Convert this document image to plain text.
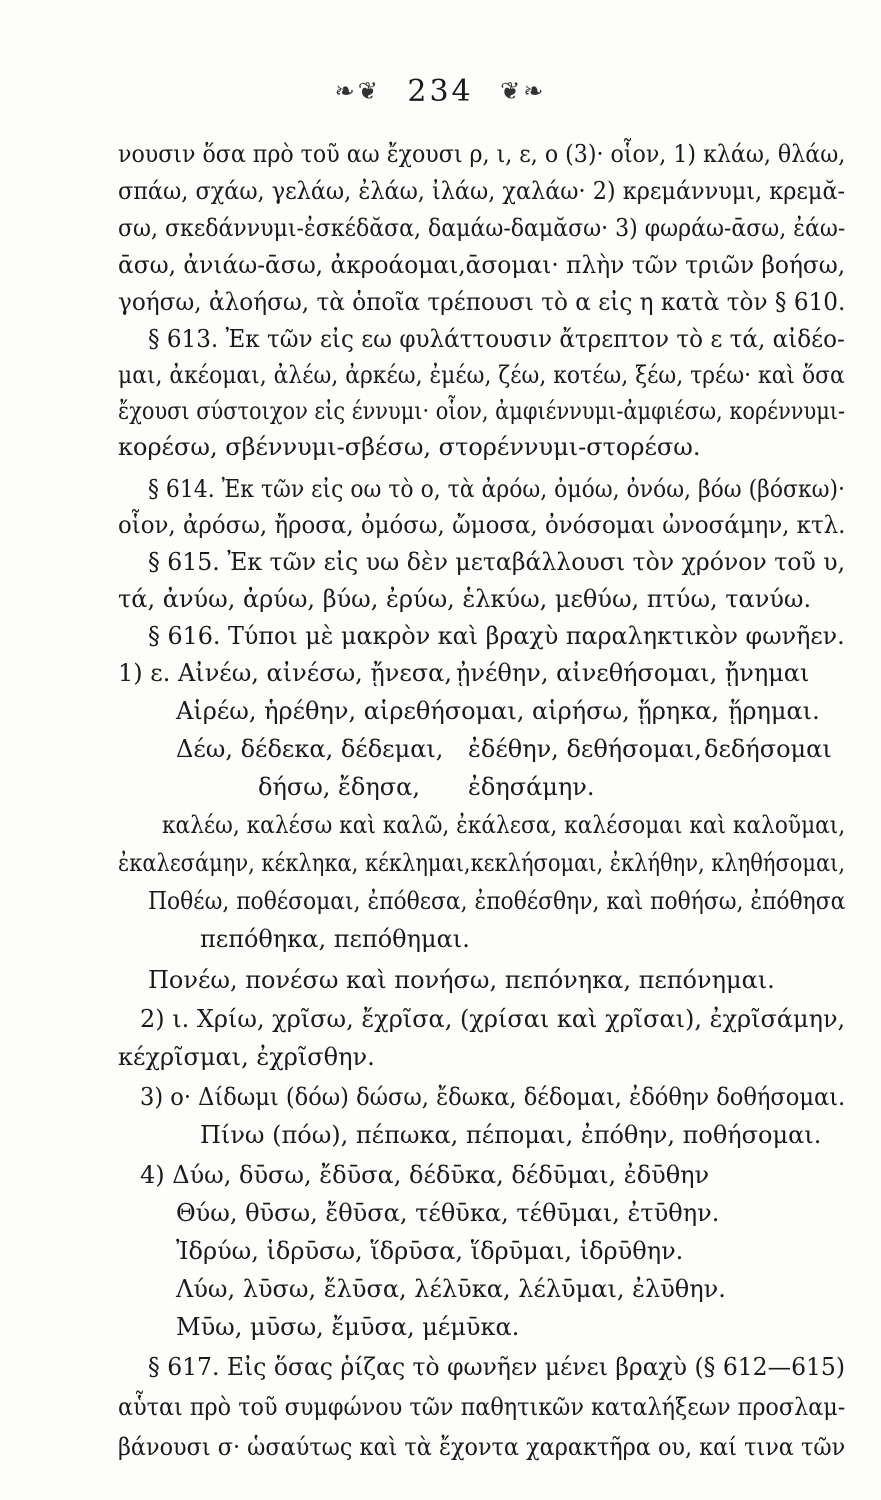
❧❦ 234 ❦❧
νουσιν ὅσα πρὸ τοῦ αω ἔχουσι ρ, ι, ε, ο (3)· οἷον, 1) κλάω, θλάω,
σπάω, σχάω, γελάω, ἐλάω, ἰλάω, χαλάω· 2) κρεμάννυμι, κρεμᾰ-
σω, σκεδάννυμι-ἐσκέδᾰσα, δαμάω-δαμᾰσω· 3) φωράω-ᾱσω, ἐάω-
ᾱσω, ἀνιάω-ᾱσω, ἀκροάομαι,ᾱσομαι· πλὴν τῶν τριῶν βοήσω,
γοήσω, ἀλοήσω, τὰ ὁποῖα τρέπουσι τὸ α εἰς η κατὰ τὸν § 610.
§ 613. Ἐκ τῶν εἰς εω φυλάττουσιν ἄτρεπτον τὸ ε τά, αἰδέο-
μαι, ἀκέομαι, ἀλέω, ἀρκέω, ἐμέω, ζέω, κοτέω, ξέω, τρέω· καὶ ὅσα
ἔχουσι σύστοιχον εἰς έννυμι· οἷον, ἀμφιέννυμι-ἀμφιέσω, κορέννυμι-
κορέσω, σβέννυμι-σβέσω, στορέννυμι-στορέσω.
§ 614. Ἐκ τῶν εἰς οω τὸ ο, τὰ ἀρόω, ὀμόω, ὀνόω, βόω (βόσκω)·
οἷον, ἀρόσω, ἤροσα, ὀμόσω, ὤμοσα, ὀνόσομαι ὠνοσάμην, κτλ.
§ 615. Ἐκ τῶν εἰς υω δὲν μεταβάλλουσι τὸν χρόνον τοῦ υ,
τά, ἀνύω, ἀρύω, βύω, ἐρύω, ἑλκύω, μεθύω, πτύω, τανύω.
§ 616. Τύποι μὲ μακρὸν καὶ βραχὺ παραληκτικὸν φωνῆεν.
1) ε. Αἰνέω, αἰνέσω, ᾔνεσα, ᾐνέθην, αἰνεθήσομαι, ᾔνημαι
Αἱρέω, ἡρέθην, αἱρεθήσομαι, αἱρήσω, ᾕρηκα, ᾕρημαι.
Δέω, δέδεκα, δέδεμαι, ἐδέθην, δεθήσομαι, δεδήσομαι
δήσω, ἔδησα, ἐδησάμην.
καλέω, καλέσω καὶ καλῶ, ἐκάλεσα, καλέσομαι καὶ καλοῦμαι,
ἐκαλεσάμην, κέκληκα, κέκλημαι,κεκλήσομαι, ἐκλήθην, κληθήσομαι,
Ποθέω, ποθέσομαι, ἐπόθεσα, ἐποθέσθην, καὶ ποθήσω, ἐπόθησα
πεπόθηκα, πεπόθημαι.
Πονέω, πονέσω καὶ πονήσω, πεπόνηκα, πεπόνημαι.
2) ι. Χρίω, χρῖσω, ἔχρῖσα, (χρίσαι καὶ χρῖσαι), ἐχρῖσάμην,
κέχρῖσμαι, ἐχρῖσθην.
3) ο· Δίδωμι (δόω) δώσω, ἔδωκα, δέδομαι, ἐδόθην δοθήσομαι.
Πίνω (πόω), πέπωκα, πέπομαι, ἐπόθην, ποθήσομαι.
4) Δύω, δῡσω, ἔδῡσα, δέδῡκα, δέδῡμαι, ἐδῡθην
Θύω, θῡσω, ἔθῡσα, τέθῡκα, τέθῡμαι, ἐτῡθην.
Ἰδρύω, ἱδρῡσω, ἵδρῡσα, ἵδρῡμαι, ἱδρῡθην.
Λύω, λῡσω, ἔλῡσα, λέλῡκα, λέλῡμαι, ἐλῡθην.
Μῡω, μῡσω, ἔμῡσα, μέμῡκα.
§ 617. Εἰς ὅσας ῥίζας τὸ φωνῆεν μένει βραχὺ (§ 612—615)
αὗται πρὸ τοῦ συμφώνου τῶν παθητικῶν καταλήξεων προσλαμ-
βάνουσι σ· ὡσαύτως καὶ τὰ ἔχοντα χαρακτῆρα ου, καί τινα τῶν
